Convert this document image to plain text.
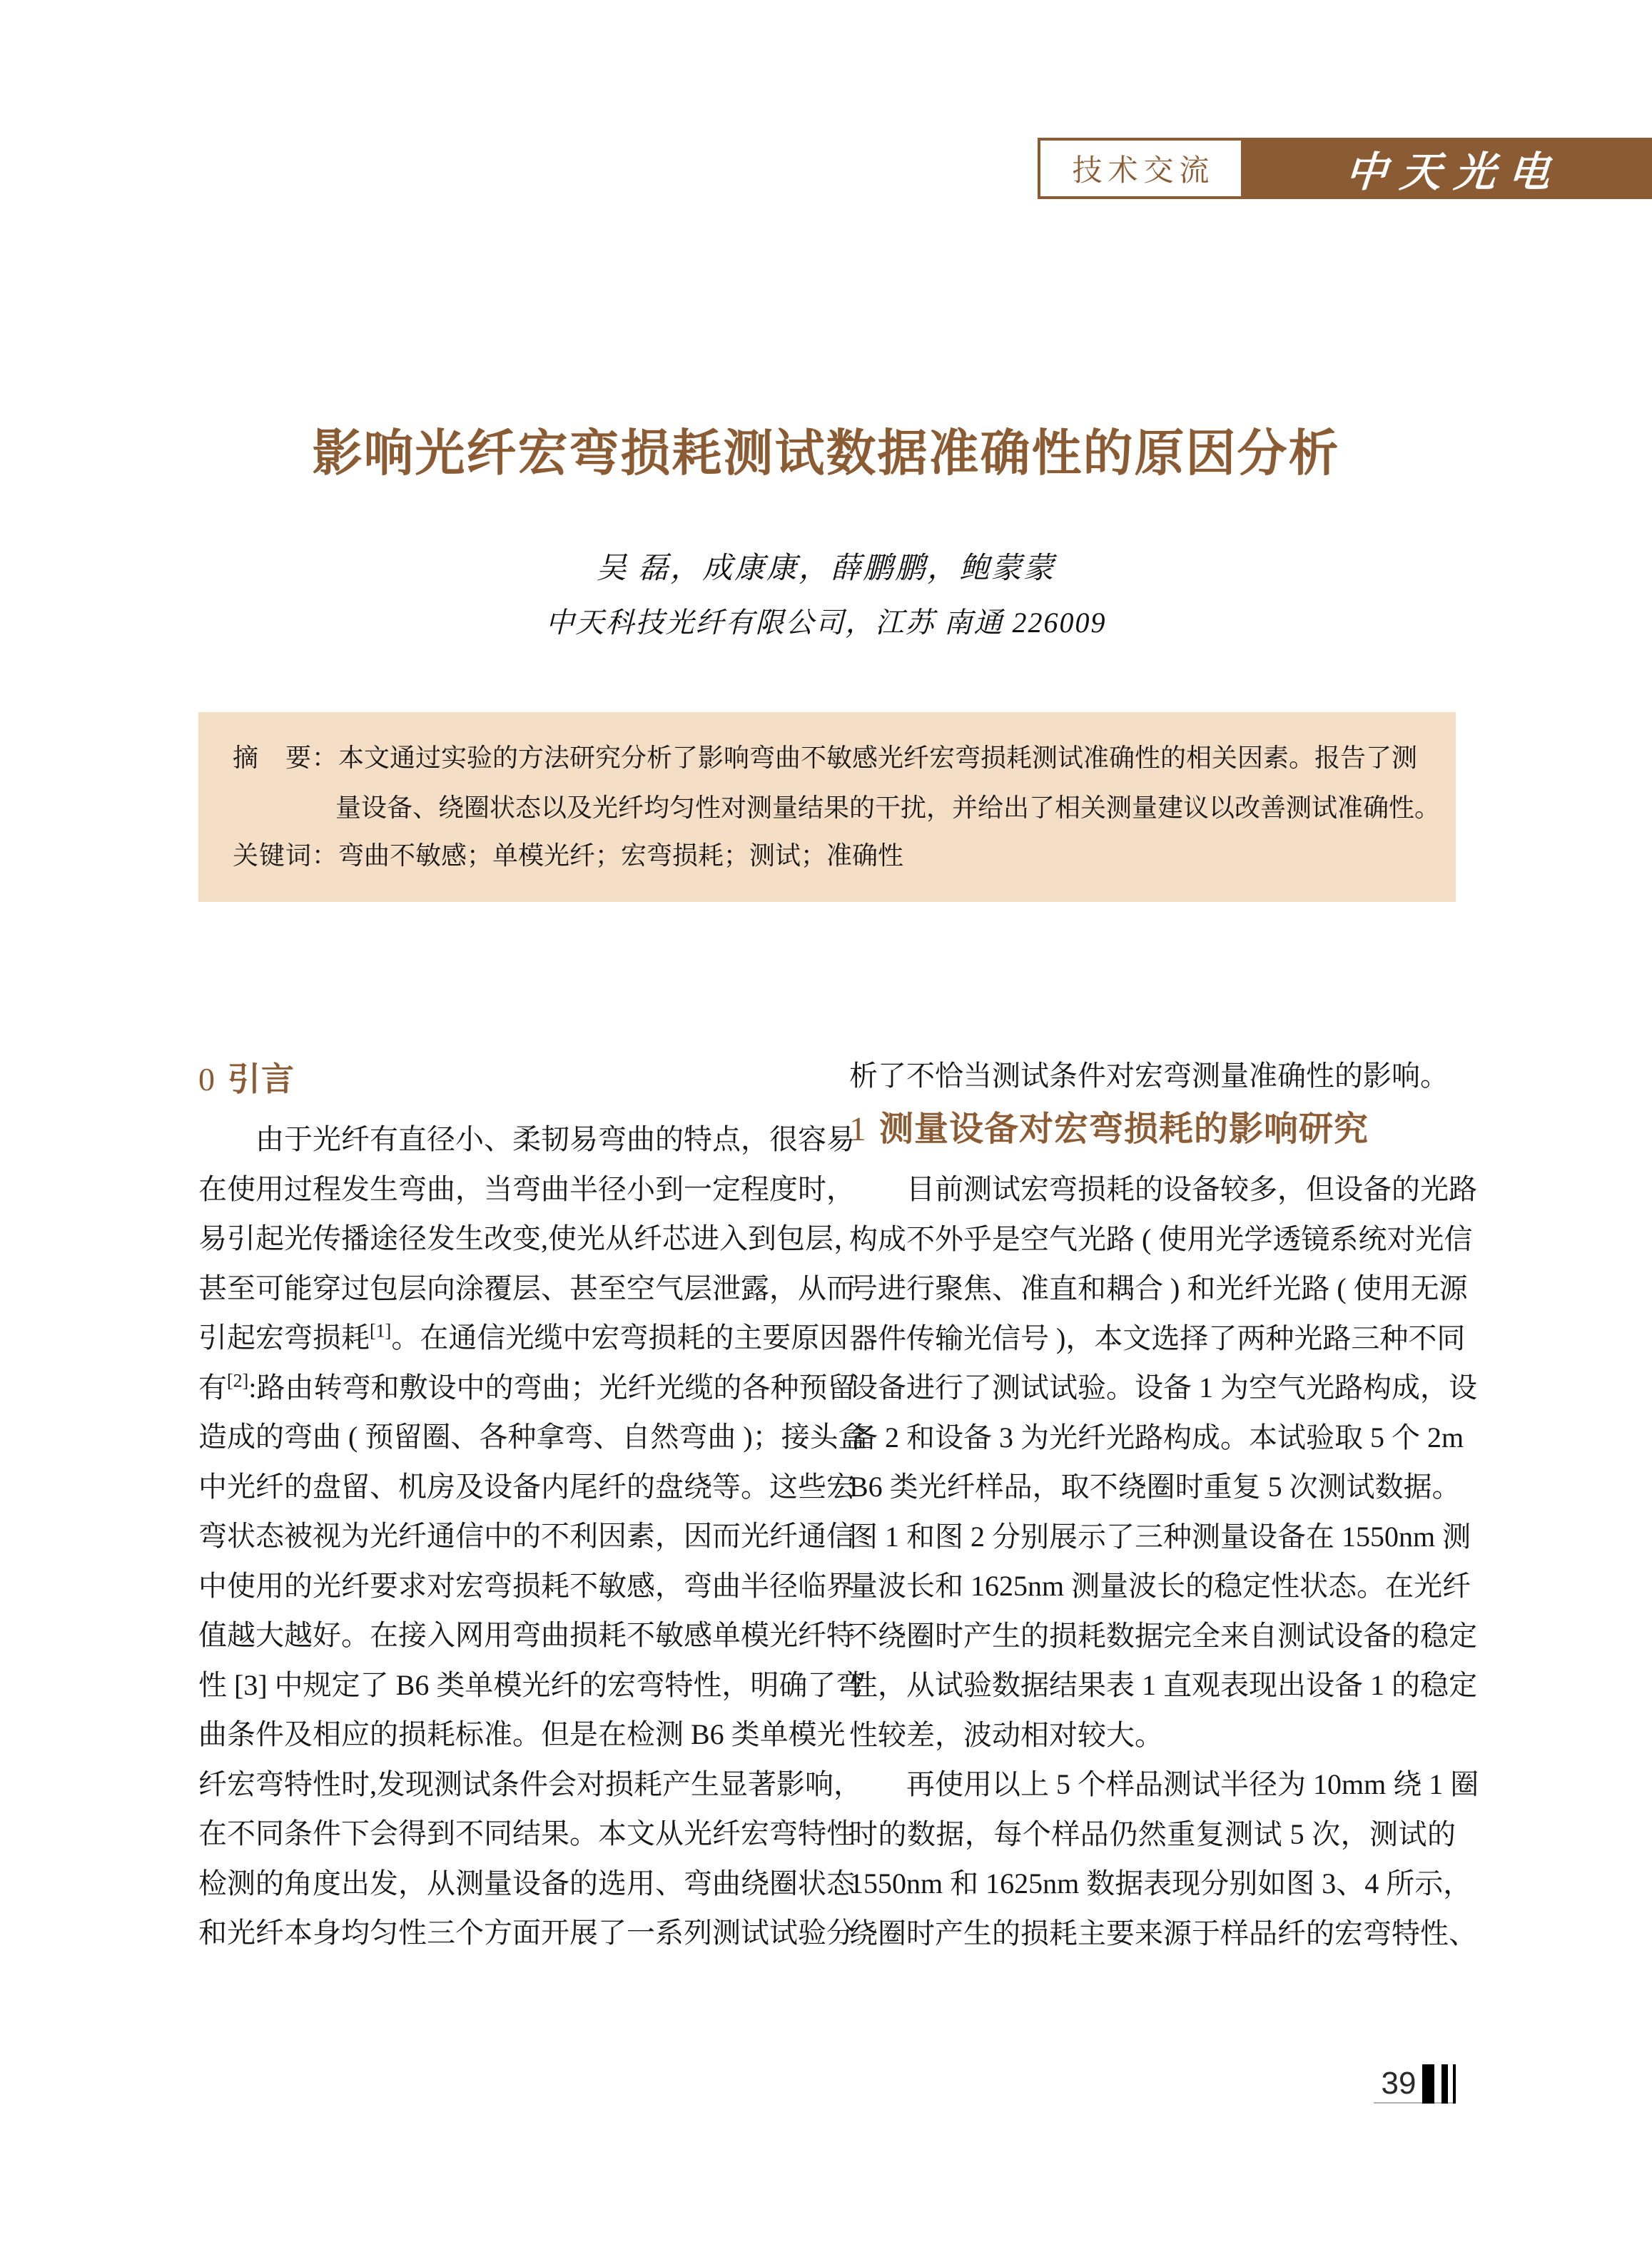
技术交流	中天光电
影响光纤宏弯损耗测试数据准确性的原因分析
吴 磊，成康康，薛鹏鹏，鲍蒙蒙
中天科技光纤有限公司，江苏 南通 226009
摘　要：本文通过实验的方法研究分析了影响弯曲不敏感光纤宏弯损耗测试准确性的相关因素。报告了测
量设备、绕圈状态以及光纤均匀性对测量结果的干扰，并给出了相关测量建议以改善测试准确性。
关键词：弯曲不敏感；单模光纤；宏弯损耗；测试；准确性
0 引言
1 测量设备对宏弯损耗的影响研究
由于光纤有直径小、柔韧易弯曲的特点，很容易
在使用过程发生弯曲，当弯曲半径小到一定程度时，
易引起光传播途径发生改变,使光从纤芯进入到包层，
甚至可能穿过包层向涂覆层、甚至空气层泄露，从而
引起宏弯损耗[1]。在通信光缆中宏弯损耗的主要原因
有[2]:路由转弯和敷设中的弯曲；光纤光缆的各种预留
造成的弯曲 ( 预留圈、各种拿弯、自然弯曲 )；接头盒
中光纤的盘留、机房及设备内尾纤的盘绕等。这些宏
弯状态被视为光纤通信中的不利因素，因而光纤通信
中使用的光纤要求对宏弯损耗不敏感，弯曲半径临界
值越大越好。在接入网用弯曲损耗不敏感单模光纤特
性 [3] 中规定了 B6 类单模光纤的宏弯特性，明确了弯
曲条件及相应的损耗标准。但是在检测 B6 类单模光
纤宏弯特性时,发现测试条件会对损耗产生显著影响，
在不同条件下会得到不同结果。本文从光纤宏弯特性
检测的角度出发，从测量设备的选用、弯曲绕圈状态
和光纤本身均匀性三个方面开展了一系列测试试验分
析了不恰当测试条件对宏弯测量准确性的影响。
目前测试宏弯损耗的设备较多，但设备的光路
构成不外乎是空气光路 ( 使用光学透镜系统对光信
号进行聚焦、准直和耦合 ) 和光纤光路 ( 使用无源
器件传输光信号 )，本文选择了两种光路三种不同
设备进行了测试试验。设备 1 为空气光路构成，设
备 2 和设备 3 为光纤光路构成。本试验取 5 个 2m
B6 类光纤样品，取不绕圈时重复 5 次测试数据。
图 1 和图 2 分别展示了三种测量设备在 1550nm 测
量波长和 1625nm 测量波长的稳定性状态。在光纤
不绕圈时产生的损耗数据完全来自测试设备的稳定
性，从试验数据结果表 1 直观表现出设备 1 的稳定
性较差，波动相对较大。
再使用以上 5 个样品测试半径为 10mm 绕 1 圈
时的数据，每个样品仍然重复测试 5 次，测试的
1550nm 和 1625nm 数据表现分别如图 3、4 所示，
绕圈时产生的损耗主要来源于样品纤的宏弯特性、
39
